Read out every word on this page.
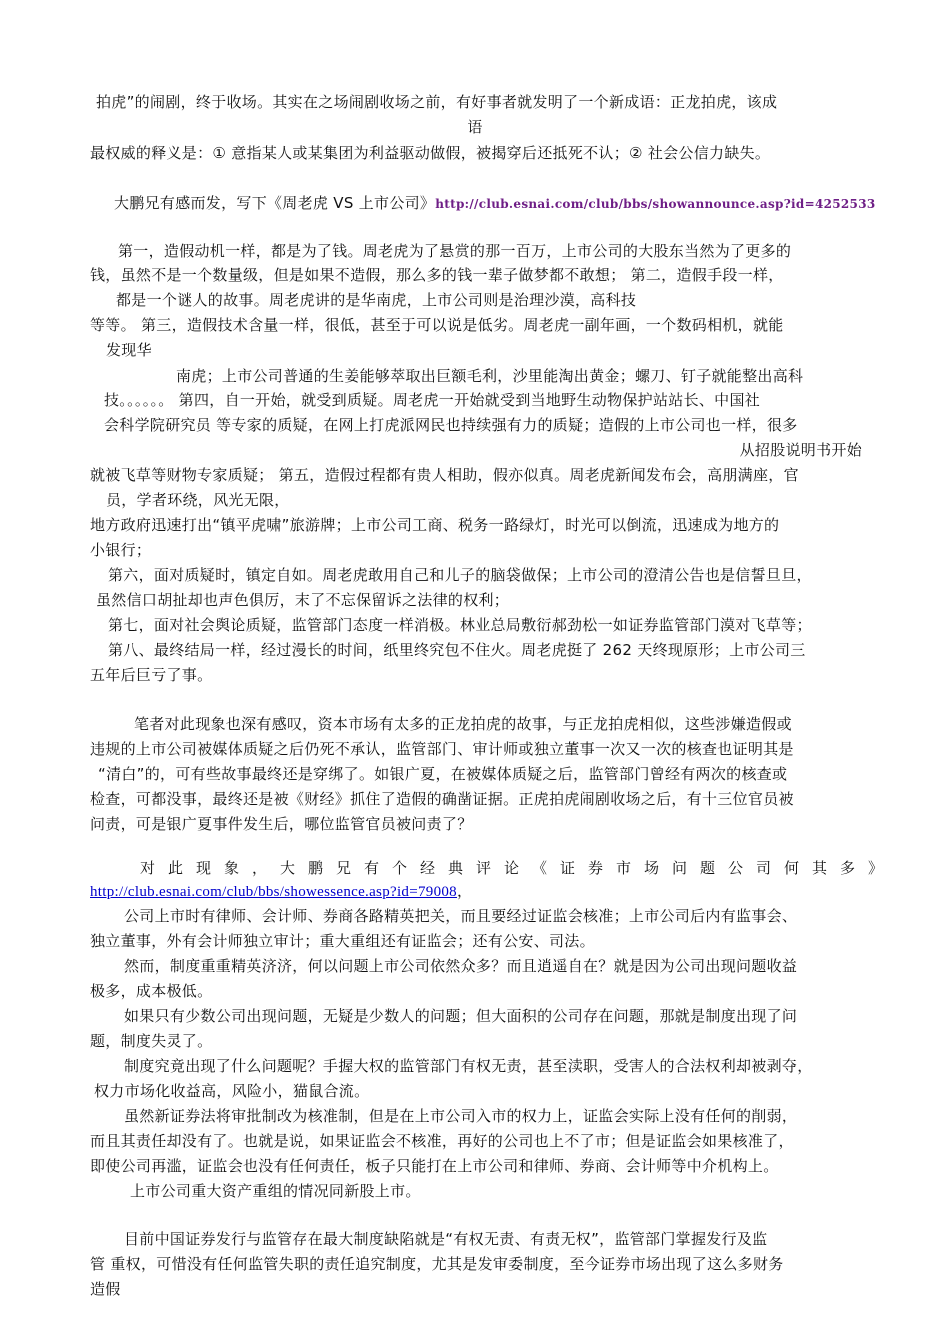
拍虎”的闹剧，终于收场。其实在之场闹剧收场之前，有好事者就发明了一个新成语：正龙拍虎，该成
语
最权威的释义是：① 意指某人或某集团为利益驱动做假，被揭穿后还抵死不认；② 社会公信力缺失。
大鹏兄有感而发，写下《周老虎 VS 上市公司》http://club.esnai.com/club/bbs/showannounce.asp?id=4252533
第一，造假动机一样，都是为了钱。周老虎为了悬赏的那一百万，上市公司的大股东当然为了更多的
钱，虽然不是一个数量级，但是如果不造假，那么多的钱一辈子做梦都不敢想； 第二，造假手段一样，
都是一个谜人的故事。周老虎讲的是华南虎，上市公司则是治理沙漠，高科技
等等。 第三，造假技术含量一样，很低，甚至于可以说是低劣。周老虎一副年画，一个数码相机，就能
发现华
南虎；上市公司普通的生姜能够萃取出巨额毛利，沙里能淘出黄金；螺刀、钉子就能整出高科
技。。。。。。 第四，自一开始，就受到质疑。周老虎一开始就受到当地野生动物保护站站长、中国社
会科学院研究员 等专家的质疑，在网上打虎派网民也持续强有力的质疑；造假的上市公司也一样，很多
从招股说明书开始
就被飞草等财物专家质疑； 第五，造假过程都有贵人相助，假亦似真。周老虎新闻发布会，高朋满座，官
员，学者环绕，风光无限，
地方政府迅速打出“镇平虎啸”旅游牌；上市公司工商、税务一路绿灯，时光可以倒流，迅速成为地方的
小银行；
第六，面对质疑时，镇定自如。周老虎敢用自己和儿子的脑袋做保；上市公司的澄清公告也是信誓旦旦，
虽然信口胡扯却也声色俱厉，末了不忘保留诉之法律的权利；
第七，面对社会舆论质疑，监管部门态度一样消极。林业总局敷衍郝劲松一如证券监管部门漠对飞草等；
第八、最终结局一样，经过漫长的时间，纸里终究包不住火。周老虎挺了 262 天终现原形；上市公司三
五年后巨亏了事。
笔者对此现象也深有感叹，资本市场有太多的正龙拍虎的故事，与正龙拍虎相似，这些涉嫌造假或
违规的上市公司被媒体质疑之后仍死不承认，监管部门、审计师或独立董事一次又一次的核查也证明其是
“清白”的，可有些故事最终还是穿绑了。如银广夏，在被媒体质疑之后，监管部门曾经有两次的核查或
检查，可都没事，最终还是被《财经》抓住了造假的确凿证据。正虎拍虎闹剧收场之后，有十三位官员被
问责，可是银广夏事件发生后，哪位监管官员被问责了？
对此现象，大鹏兄有个经典评论《证券市场问题公司何其多》
http://club.esnai.com/club/bbs/showessence.asp?id=79008，
公司上市时有律师、会计师、券商各路精英把关，而且要经过证监会核准；上市公司后内有监事会、
独立董事，外有会计师独立审计；重大重组还有证监会；还有公安、司法。
然而，制度重重精英济济，何以问题上市公司依然众多？而且逍遥自在？就是因为公司出现问题收益
极多，成本极低。
如果只有少数公司出现问题，无疑是少数人的问题；但大面积的公司存在问题，那就是制度出现了问
题，制度失灵了。
制度究竟出现了什么问题呢？手握大权的监管部门有权无责，甚至渎职，受害人的合法权利却被剥夺，
权力市场化收益高，风险小，猫鼠合流。
虽然新证券法将审批制改为核准制，但是在上市公司入市的权力上，证监会实际上没有任何的削弱，
而且其责任却没有了。也就是说，如果证监会不核准，再好的公司也上不了市；但是证监会如果核准了，
即使公司再滥，证监会也没有任何责任，板子只能打在上市公司和律师、券商、会计师等中介机构上。
上市公司重大资产重组的情况同新股上市。
目前中国证券发行与监管存在最大制度缺陷就是“有权无责、有责无权”，监管部门掌握发行及监
管 重权，可惜没有任何监管失职的责任追究制度，尤其是发审委制度，至今证券市场出现了这么多财务
造假
